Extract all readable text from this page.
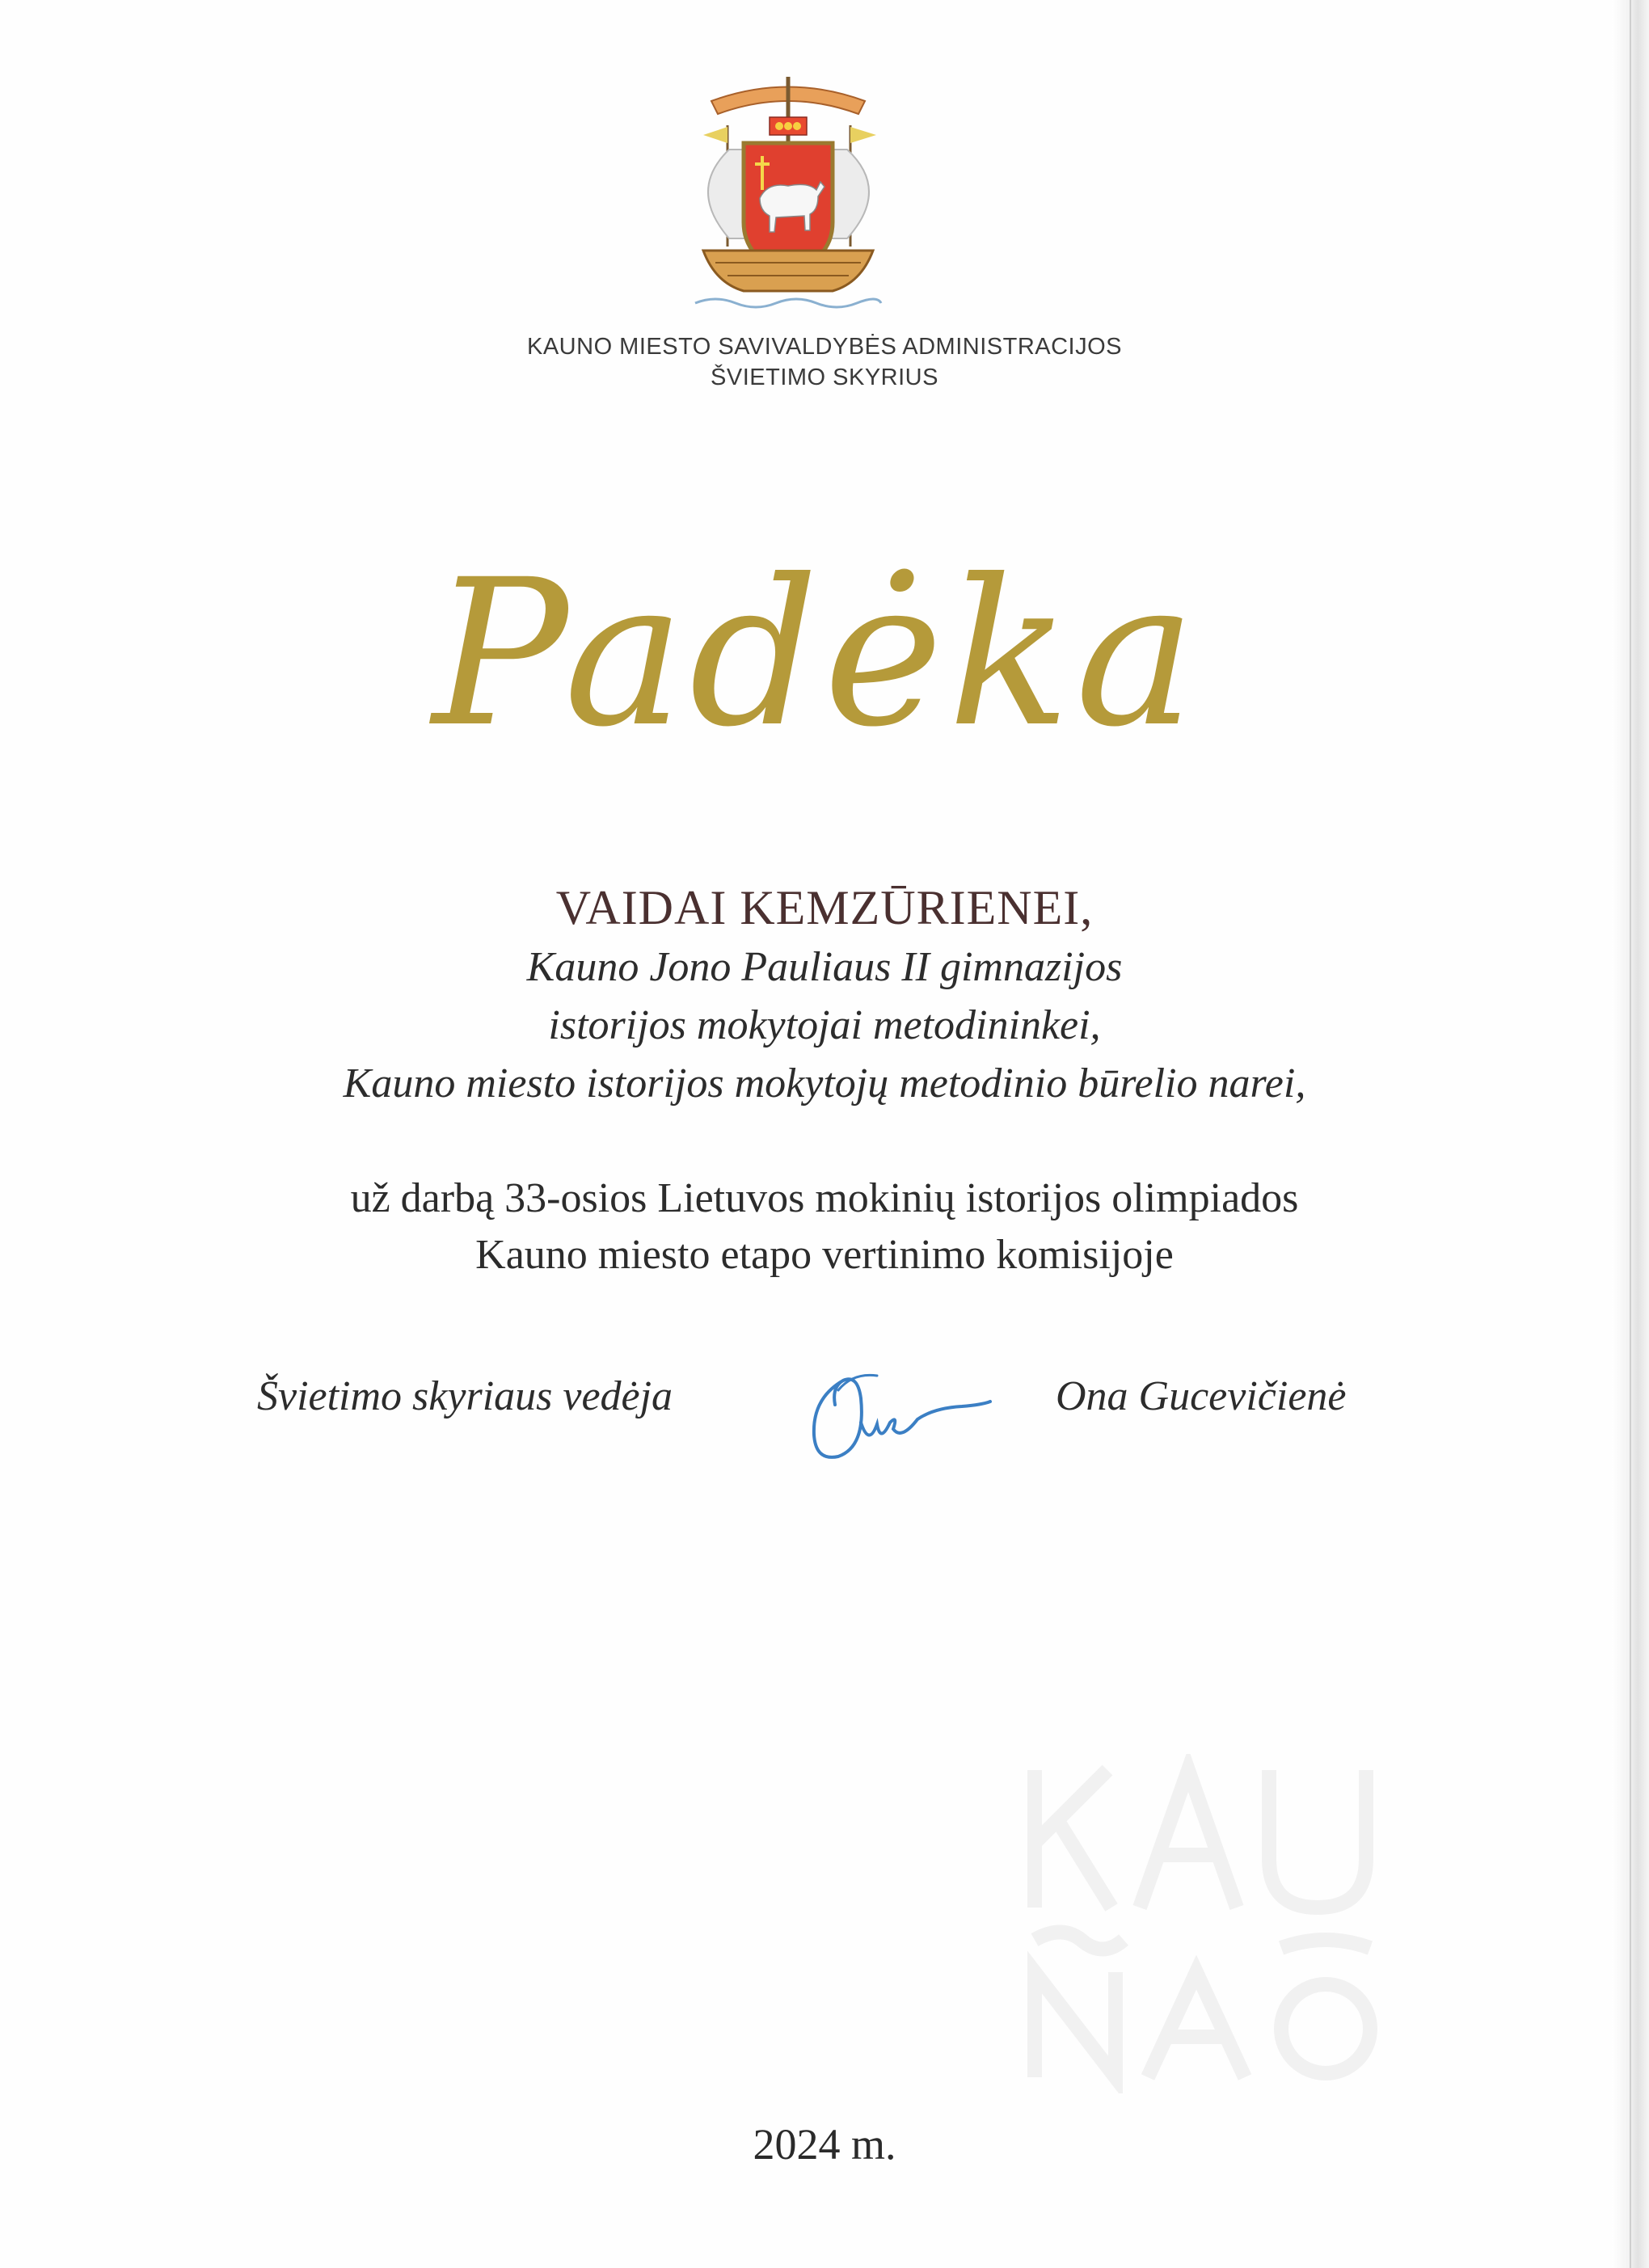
KAUNO MIESTO SAVIVALDYBĖS ADMINISTRACIJOS
ŠVIETIMO SKYRIUS
Padėka
VAIDAI KEMZŪRIENEI,
Kauno Jono Pauliaus II gimnazijos
istorijos mokytojai metodininkei,
Kauno miesto istorijos mokytojų metodinio būrelio narei,
už darbą 33-osios Lietuvos mokinių istorijos olimpiados
Kauno miesto etapo vertinimo komisijoje
Švietimo skyriaus vedėja	Ona Gucevičienė
2024 m.
